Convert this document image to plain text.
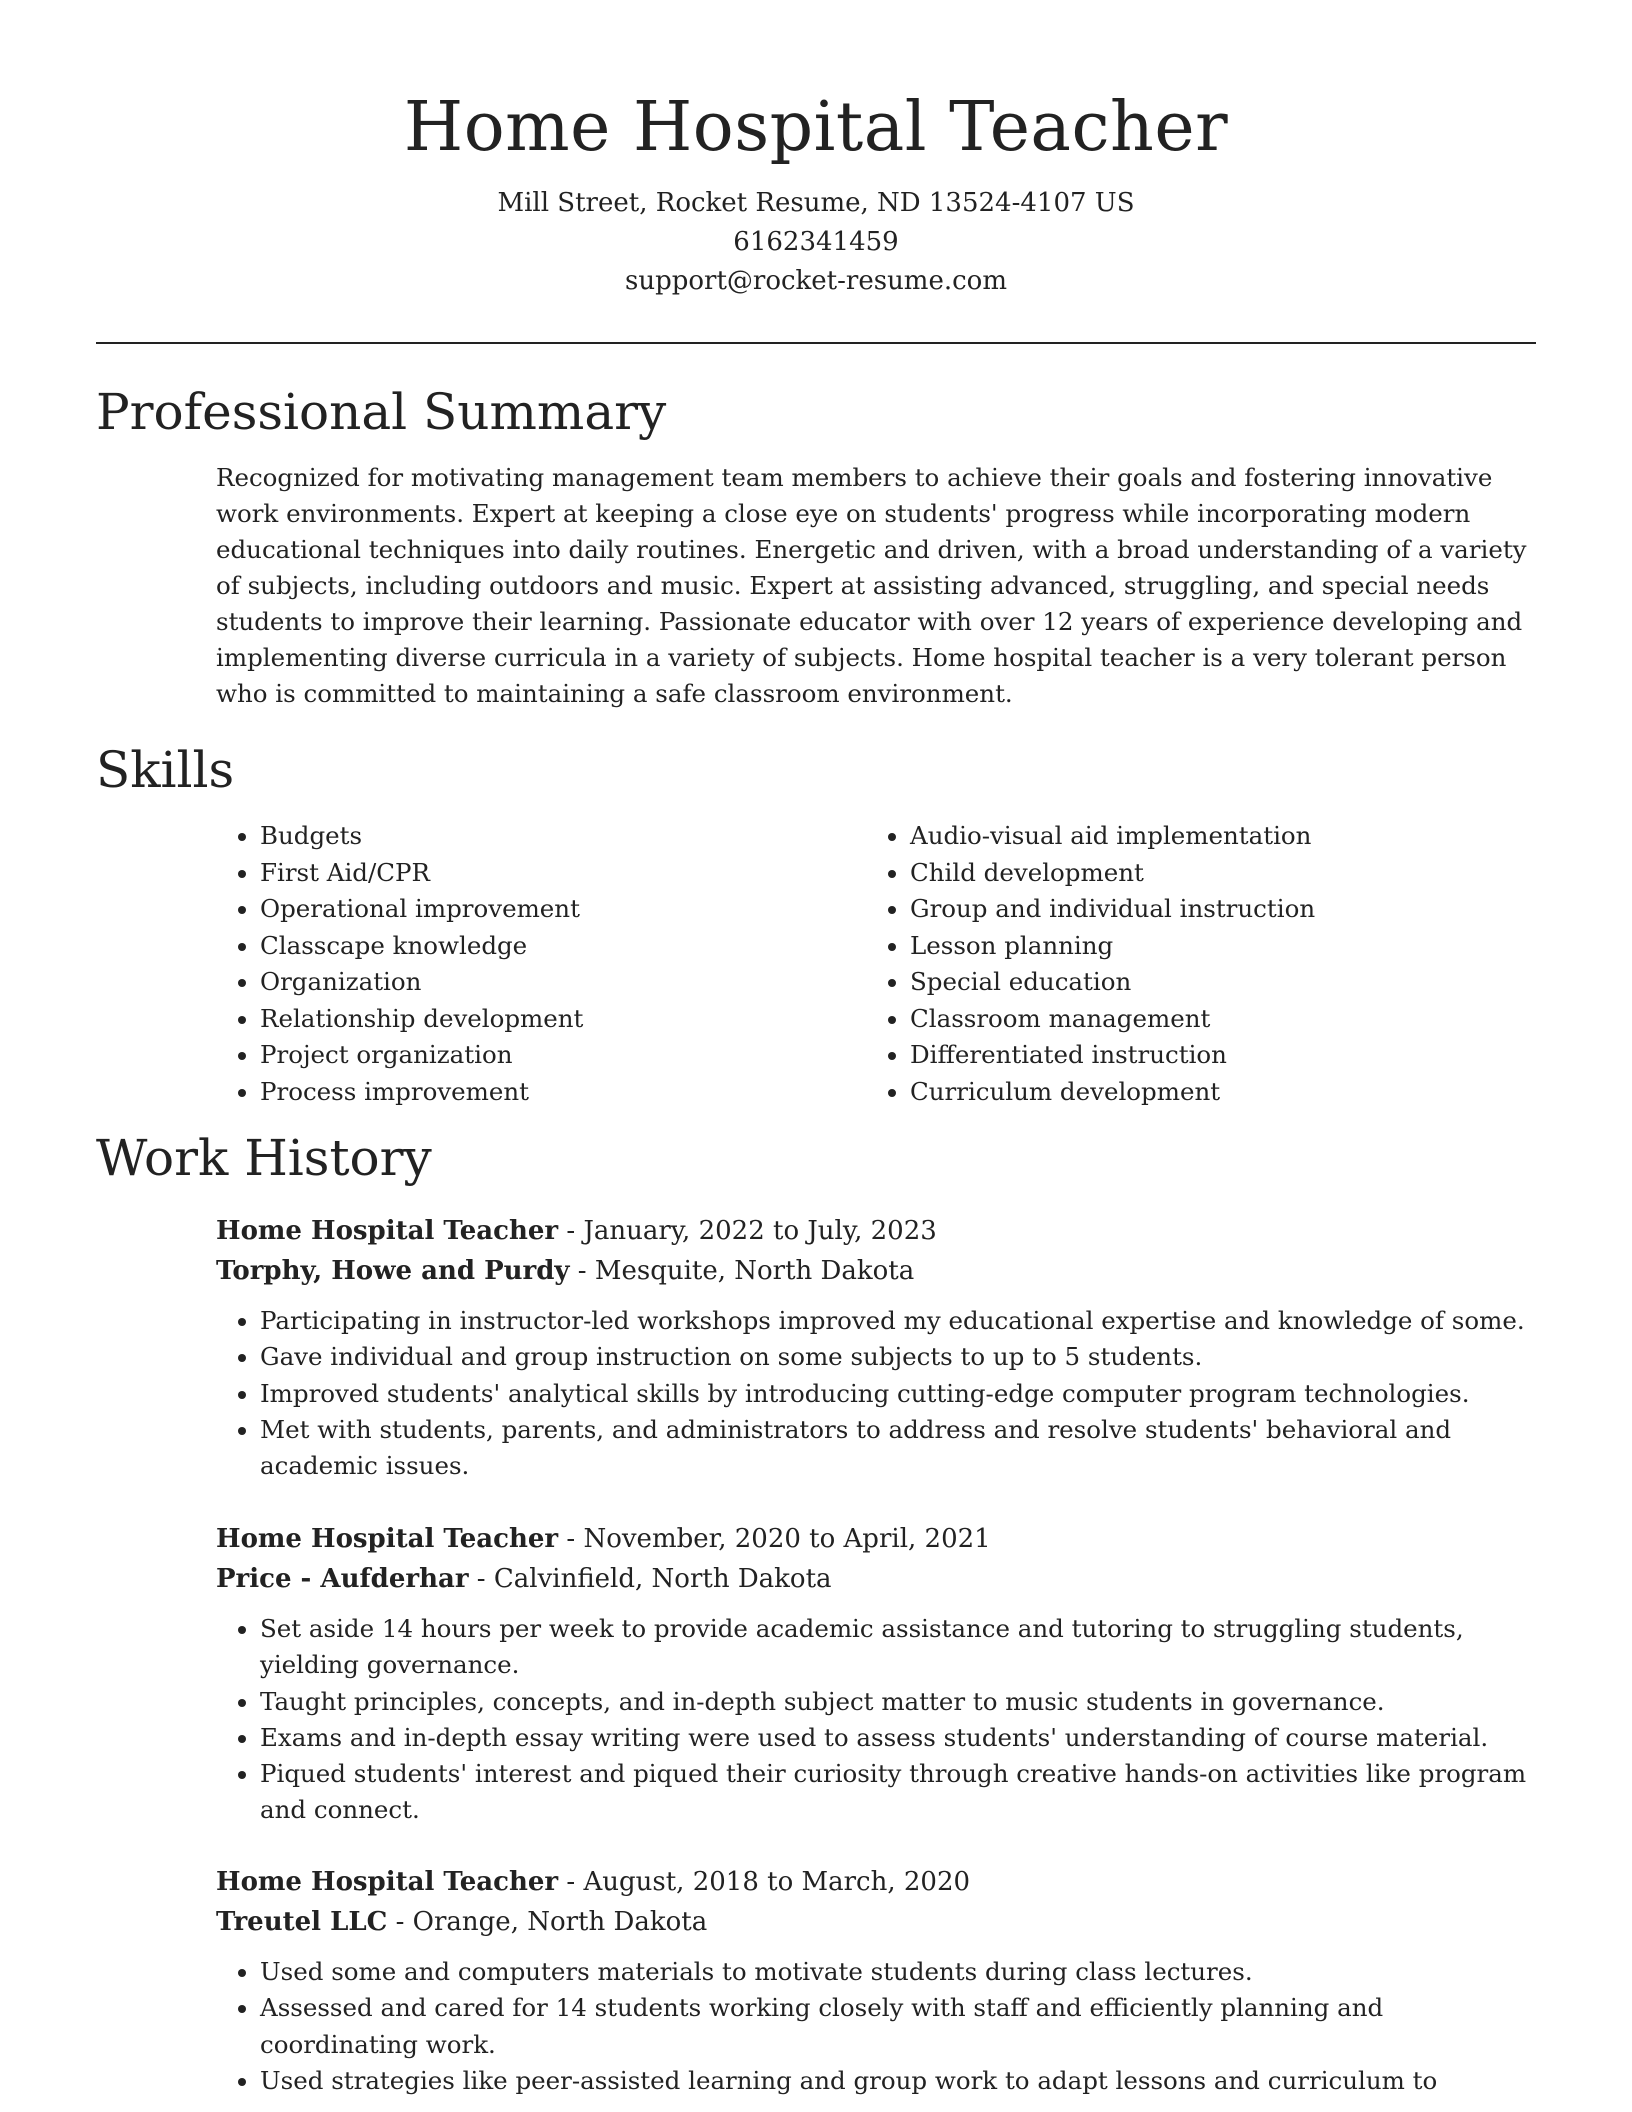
Home Hospital Teacher
Mill Street, Rocket Resume, ND 13524-4107 US
6162341459
support@rocket-resume.com
Professional Summary

Recognized for motivating management team members to achieve their goals and fostering innovative work environments. Expert at keeping a close eye on students' progress while incorporating modern educational techniques into daily routines. Energetic and driven, with a broad understanding of a variety of subjects, including outdoors and music. Expert at assisting advanced, struggling, and special needs students to improve their learning. Passionate educator with over 12 years of experience developing and implementing diverse curricula in a variety of subjects. Home hospital teacher is a very tolerant person who is committed to maintaining a safe classroom environment.

Skills
• Budgets
• First Aid/CPR
• Operational improvement
• Classcape knowledge
• Organization
• Relationship development
• Project organization
• Process improvement
• Audio-visual aid implementation
• Child development
• Group and individual instruction
• Lesson planning
• Special education
• Classroom management
• Differentiated instruction
• Curriculum development
Work History
Home Hospital Teacher - January, 2022 to July, 2023
Torphy, Howe and Purdy - Mesquite, North Dakota
• Participating in instructor-led workshops improved my educational expertise and knowledge of some.
• Gave individual and group instruction on some subjects to up to 5 students.
• Improved students' analytical skills by introducing cutting-edge computer program technologies.
• Met with students, parents, and administrators to address and resolve students' behavioral and academic issues.
Home Hospital Teacher - November, 2020 to April, 2021
Price - Aufderhar - Calvinfield, North Dakota
• Set aside 14 hours per week to provide academic assistance and tutoring to struggling students, yielding governance.
• Taught principles, concepts, and in-depth subject matter to music students in governance.
• Exams and in-depth essay writing were used to assess students' understanding of course material.
• Piqued students' interest and piqued their curiosity through creative hands-on activities like program and connect.
Home Hospital Teacher - August, 2018 to March, 2020
Treutel LLC - Orange, North Dakota
• Used some and computers materials to motivate students during class lectures.
• Assessed and cared for 14 students working closely with staff and efficiently planning and coordinating work.
• Used strategies like peer-assisted learning and group work to adapt lessons and curriculum to
